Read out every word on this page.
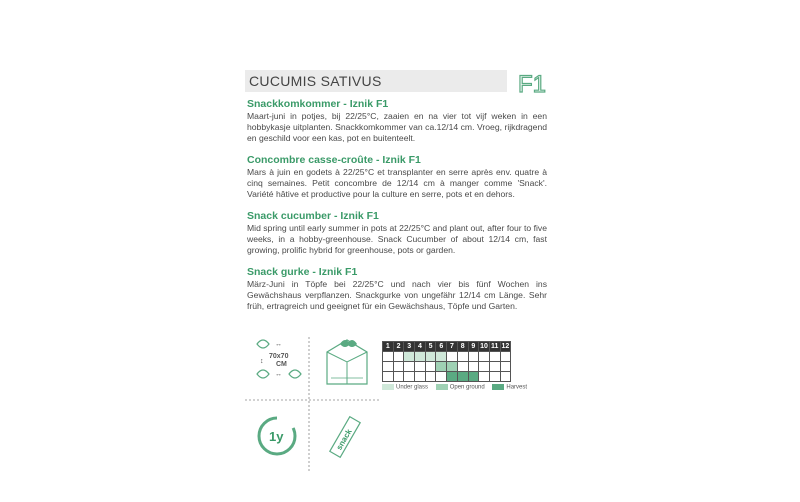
CUCUMIS SATIVUS	F1
Snackkomkommer - Iznik F1

Maart-juni in potjes, bij 22/25°C, zaaien en na vier tot vijf weken in een hobbykasje uitplanten. Snackkomkommer van ca.12/14 cm. Vroeg, rijkdragend en geschild voor een kas, pot en buitenteelt.

Concombre casse-croûte - Iznik F1

Mars à juin en godets à 22/25°C et transplanter en serre après env. quatre à cinq semaines. Petit concombre de 12/14 cm à manger comme 'Snack'. Variété hâtive et productive pour la culture en serre, pots et en dehors.

Snack cucumber - Iznik F1

Mid spring until early summer in pots at 22/25°C and plant out, after four to five weeks, in a hobby-greenhouse. Snack Cucumber of about 12/14 cm, fast growing, prolific hybrid for greenhouse, pots or garden.

Snack gurke - Iznik F1

März-Juni in Töpfe bei 22/25°C und nach vier bis fünf Wochen ins Gewächshaus verpflanzen. Snackgurke von ungefähr 12/14 cm Länge. Sehr früh, ertragreich und geeignet für ein Gewächshaus, Töpfe und Garten.

↔
↔
↕
70x70
CM
1y	snack
1	2	3	4	5	6	7	8	9	10	11	12

Under glass	Open ground	Harvest
